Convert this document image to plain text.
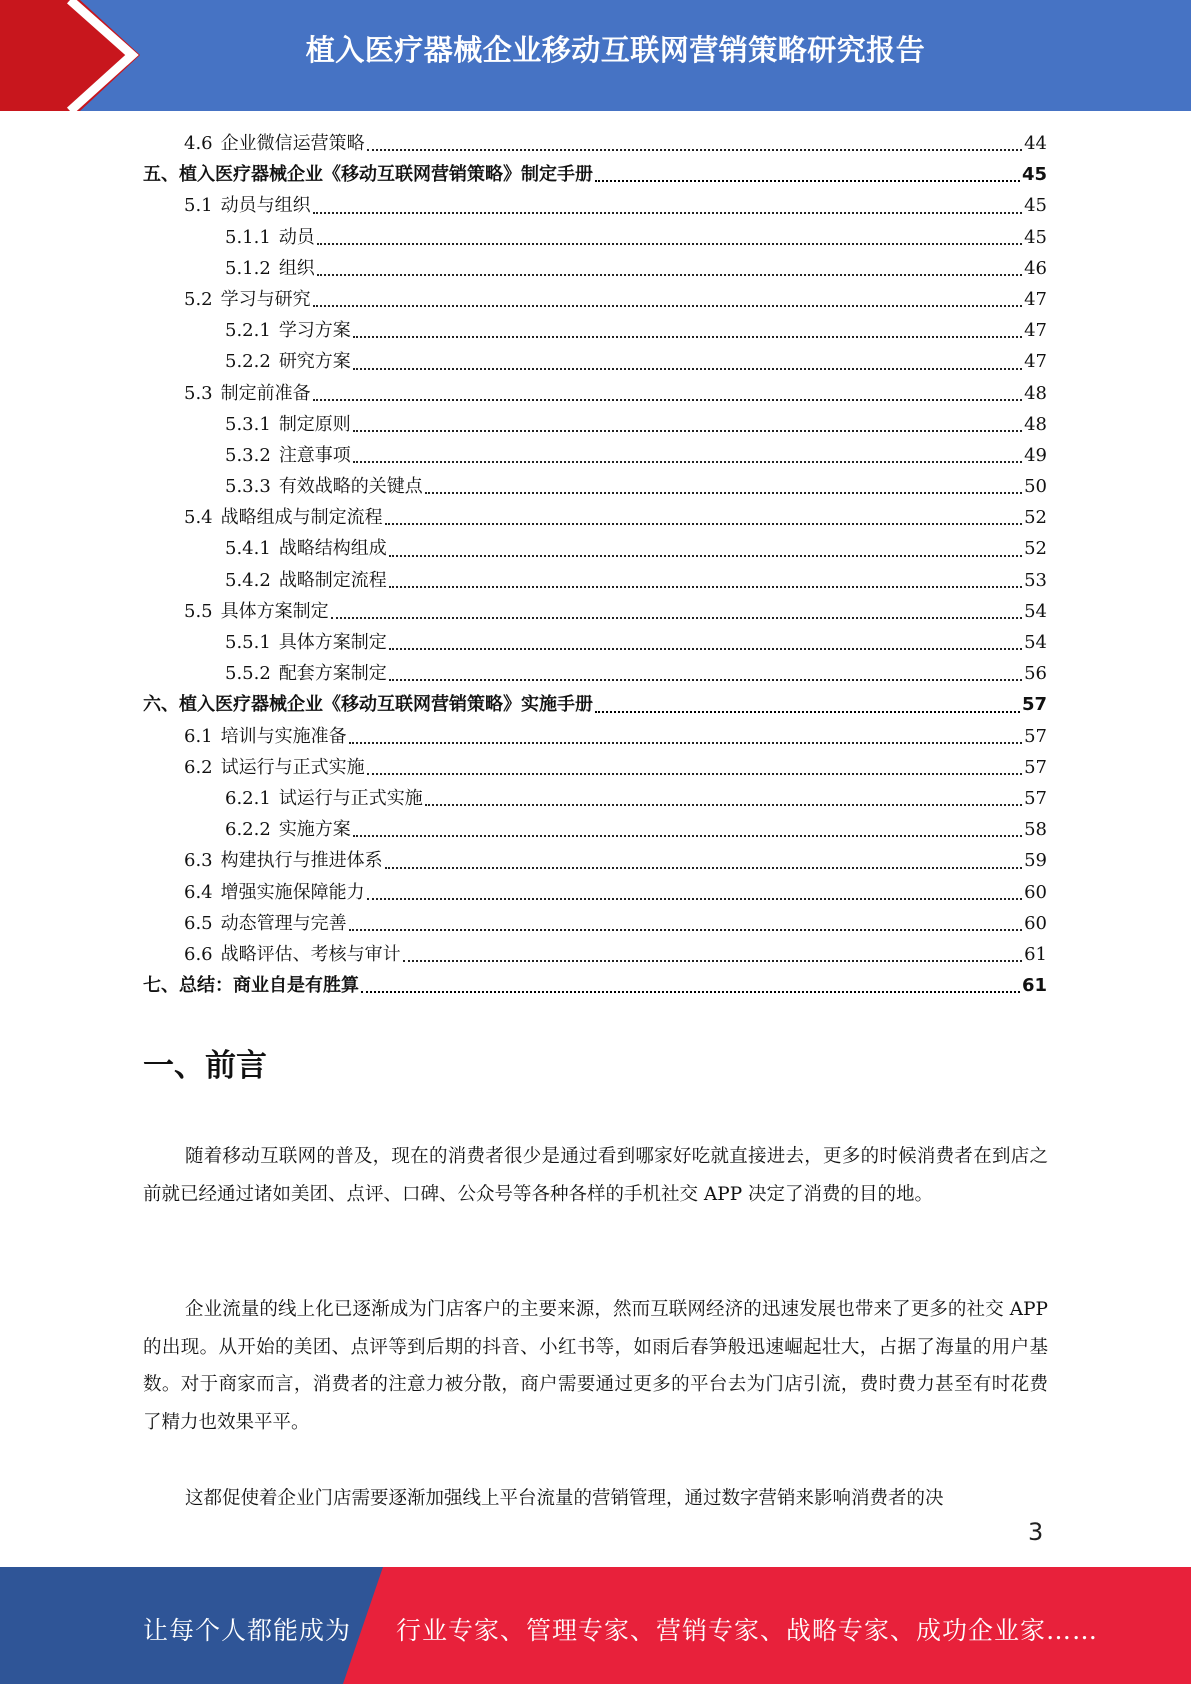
植入医疗器械企业移动互联网营销策略研究报告
4.6 企业微信运营策略	44
五、植入医疗器械企业《移动互联网营销策略》制定手册	45
5.1 动员与组织	45
5.1.1 动员	45
5.1.2 组织	46
5.2 学习与研究	47
5.2.1 学习方案	47
5.2.2 研究方案	47
5.3 制定前准备	48
5.3.1 制定原则	48
5.3.2 注意事项	49
5.3.3 有效战略的关键点	50
5.4 战略组成与制定流程	52
5.4.1 战略结构组成	52
5.4.2 战略制定流程	53
5.5 具体方案制定	54
5.5.1 具体方案制定	54
5.5.2 配套方案制定	56
六、植入医疗器械企业《移动互联网营销策略》实施手册	57
6.1 培训与实施准备	57
6.2 试运行与正式实施	57
6.2.1 试运行与正式实施	57
6.2.2 实施方案	58
6.3 构建执行与推进体系	59
6.4 增强实施保障能力	60
6.5 动态管理与完善	60
6.6 战略评估、考核与审计	61
七、总结：商业自是有胜算	61
一、前言

随着移动互联网的普及，现在的消费者很少是通过看到哪家好吃就直接进去，更多的时候消费者在到店之前就已经通过诸如美团、点评、口碑、公众号等各种各样的手机社交 APP 决定了消费的目的地。

企业流量的线上化已逐渐成为门店客户的主要来源，然而互联网经济的迅速发展也带来了更多的社交 APP 的出现。从开始的美团、点评等到后期的抖音、小红书等，如雨后春笋般迅速崛起壮大，占据了海量的用户基数。对于商家而言，消费者的注意力被分散，商户需要通过更多的平台去为门店引流，费时费力甚至有时花费了精力也效果平平。

这都促使着企业门店需要逐渐加强线上平台流量的营销管理，通过数字营销来影响消费者的决

3
让每个人都能成为 行业专家、管理专家、营销专家、战略专家、成功企业家……
